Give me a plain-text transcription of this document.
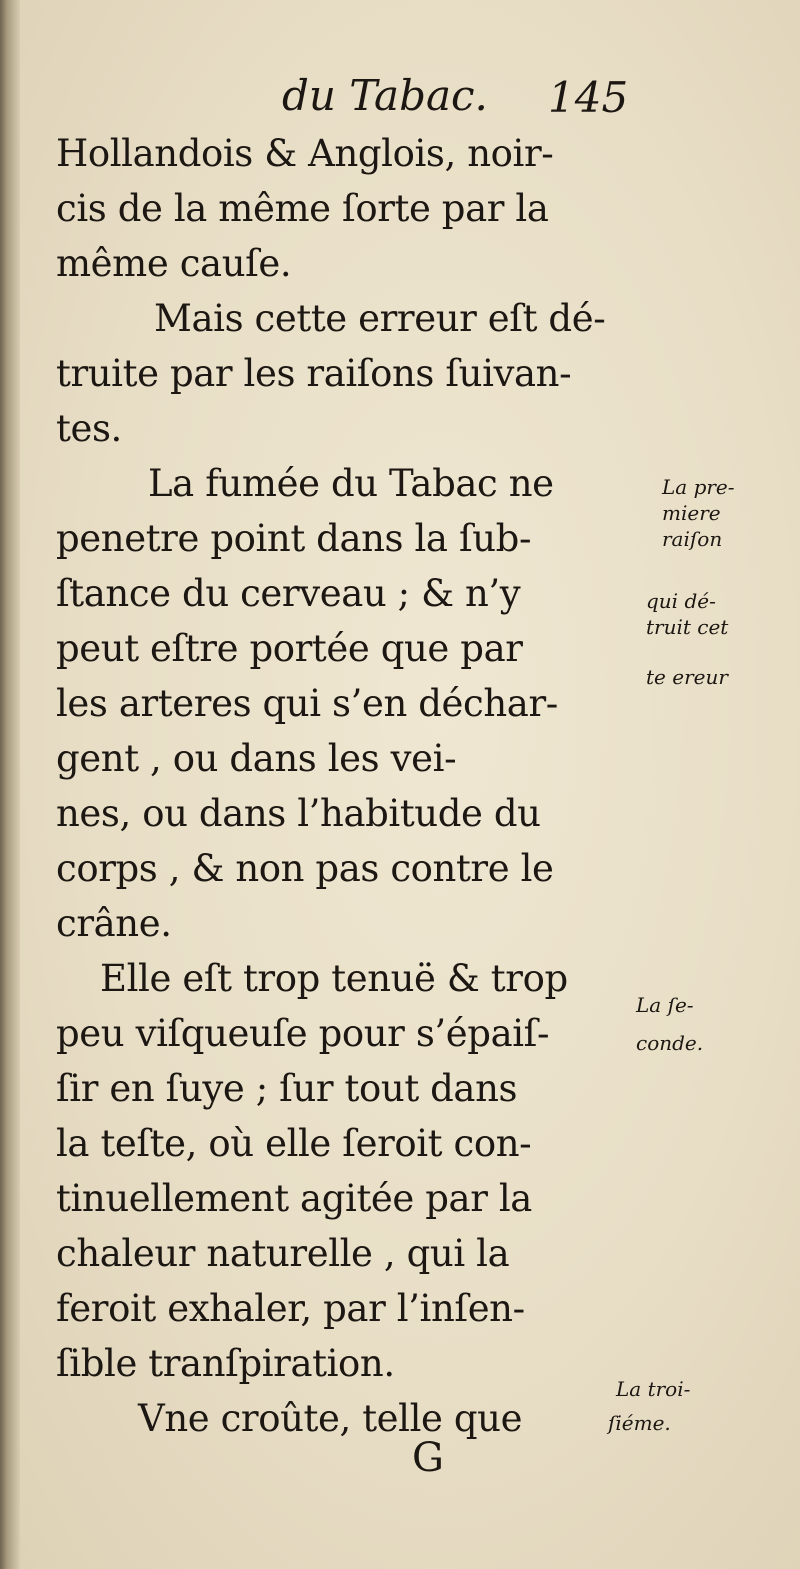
du Tabac. 145
Hollandois & Anglois, noir-
cis de la même ſorte par la
même cauſe.
Mais cette erreur eſt dé-
truite par les raiſons ſuivan-
tes.
La fumée du Tabac ne
penetre point dans la ſub-
ſtance du cerveau ; & n’y
peut eſtre portée que par
les arteres qui s’en déchar-
gent , ou dans les vei-
nes, ou dans l’habitude du
corps , & non pas contre le
crâne.
Elle eſt trop tenuë & trop
peu viſqueuſe pour s’épaiſ-
ſir en ſuye ; ſur tout dans
la teſte, où elle ſeroit con-
tinuellement agitée par la
chaleur naturelle , qui la
feroit exhaler, par l’inſen-
ſible tranſpiration.
Vne croûte, telle que
La pre-
miere
raiſon
qui dé-
truit cet
te ereur
La ſe-
conde.
La troi-
ſiéme.
G
